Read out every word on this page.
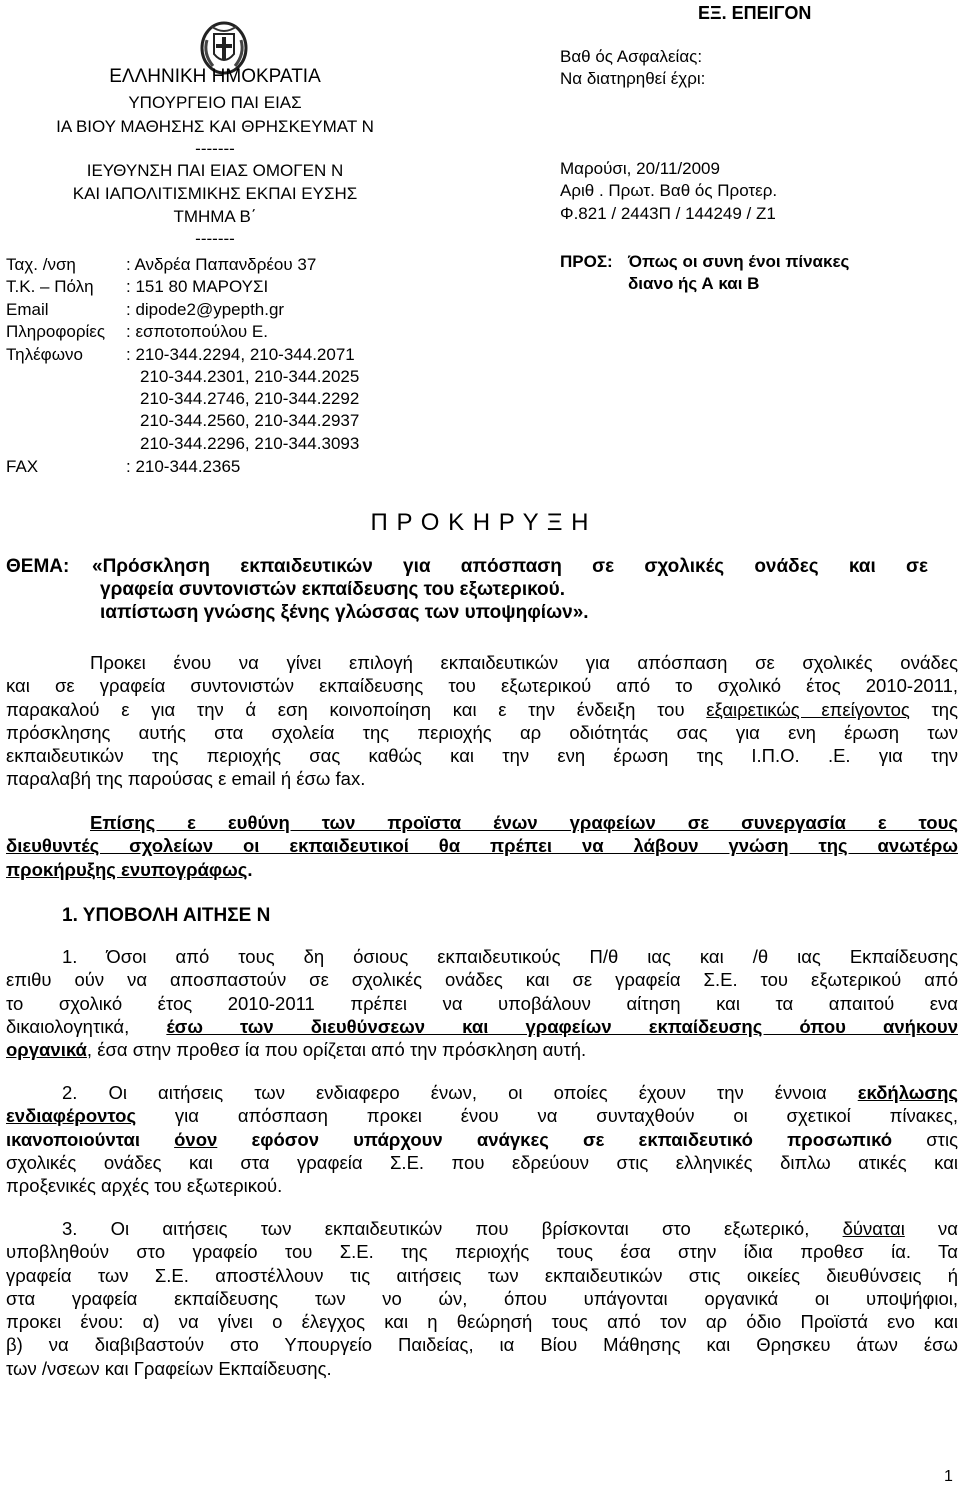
ΕΛΛΗΝΙΚΗ ΗΜΟΚΡΑΤΙΑ
ΥΠΟΥΡΓΕΙΟ ΠΑΙ ΕΙΑΣ
ΙΑ ΒΙΟΥ ΜΑΘΗΣΗΣ ΚΑΙ ΘΡΗΣΚΕΥΜΑΤ Ν
-------
ΙΕΥΘΥΝΣΗ ΠΑΙ ΕΙΑΣ ΟΜΟΓΕΝ Ν
ΚΑΙ ΙΑΠΟΛΙΤΙΣΜΙΚΗΣ ΕΚΠΑΙ ΕΥΣΗΣ
ΤΜΗΜΑ Β΄
-------
Ταχ. /νση	: Ανδρέα Παπανδρέου 37
Τ.Κ. – Πόλη : 151 80 ΜΑΡΟΥΣΙ
Email	: dipode2@ypepth.gr
Πληροφορίες : εσποτοπούλου Ε.
Τηλέφωνο	: 210-344.2294, 210-344.2071
210-344.2301, 210-344.2025
210-344.2746, 210-344.2292
210-344.2560, 210-344.2937
210-344.2296, 210-344.3093
FAX	: 210-344.2365
ΕΞ. ΕΠΕΙΓΟΝ
Βαθ ός Ασφαλείας:
Να διατηρηθεί έχρι:
Μαρούσι, 20/11/2009
Αριθ . Πρωτ. Βαθ ός Προτερ.
Φ.821 / 2443Π / 144249 / Ζ1
ΠΡΟΣ: Όπως οι συνη ένοι πίνακες
διανο ής Α και Β
Π Ρ Ο Κ Η Ρ Υ Ξ Η
ΘΕΜΑ: «Πρόσκληση εκπαιδευτικών για απόσπαση σε σχολικές ονάδες και σε
γραφεία συντονιστών εκπαίδευσης του εξωτερικού.
ιαπίστωση γνώσης ξένης γλώσσας των υποψηφίων».
Προκει ένου να γίνει επιλογή εκπαιδευτικών για απόσπαση σε σχολικές ονάδες
και σε γραφεία συντονιστών εκπαίδευσης του εξωτερικού από το σχολικό έτος 2010-2011,
παρακαλού ε για την ά εση κοινοποίηση και ε την ένδειξη του εξαιρετικώς επείγοντος της
πρόσκλησης αυτής στα σχολεία της περιοχής αρ οδιότητάς σας για ενη έρωση των
εκπαιδευτικών της περιοχής σας καθώς και την ενη έρωση της Ι.Π.Ο. .Ε. για την
παραλαβή της παρούσας ε email ή έσω fax.
Επίσης ε ευθύνη των προϊστα ένων γραφείων σε συνεργασία ε τους
διευθυντές σχολείων οι εκπαιδευτικοί θα πρέπει να λάβουν γνώση της ανωτέρω
προκήρυξης ενυπογράφως.
1. ΥΠΟΒΟΛΗ ΑΙΤΗΣΕ Ν
1. Όσοι από τους δη όσιους εκπαιδευτικούς Π/θ ιας και /θ ιας Εκπαίδευσης
επιθυ ούν να αποσπαστούν σε σχολικές ονάδες και σε γραφεία Σ.Ε. του εξωτερικού από
το σχολικό έτος 2010-2011 πρέπει να υποβάλουν αίτηση και τα απαιτού ενα
δικαιολογητικά, έσω των διευθύνσεων και γραφείων εκπαίδευσης όπου ανήκουν
οργανικά, έσα στην προθεσ ία που ορίζεται από την πρόσκληση αυτή.
2. Οι αιτήσεις των ενδιαφερο ένων, οι οποίες έχουν την έννοια εκδήλωσης
ενδιαφέροντος για απόσπαση προκει ένου να συνταχθούν οι σχετικοί πίνακες,
ικανοποιούνται όνον εφόσον υπάρχουν ανάγκες σε εκπαιδευτικό προσωπικό στις
σχολικές ονάδες και στα γραφεία Σ.Ε. που εδρεύουν στις ελληνικές διπλω ατικές και
προξενικές αρχές του εξωτερικού.
3. Οι αιτήσεις των εκπαιδευτικών που βρίσκονται στο εξωτερικό, δύναται να
υποβληθούν στο γραφείο του Σ.Ε. της περιοχής τους έσα στην ίδια προθεσ ία. Τα
γραφεία των Σ.Ε. αποστέλλουν τις αιτήσεις των εκπαιδευτικών στις οικείες διευθύνσεις ή
στα γραφεία εκπαίδευσης των νο ών, όπου υπάγονται οργανικά οι υποψήφιοι,
προκει ένου: α) να γίνει ο έλεγχος και η θεώρησή τους από τον αρ όδιο Προϊστά ενο και
β) να διαβιβαστούν στο Υπουργείο Παιδείας, ια Βίου Μάθησης και Θρησκευ άτων έσω
των /νσεων και Γραφείων Εκπαίδευσης.
1
